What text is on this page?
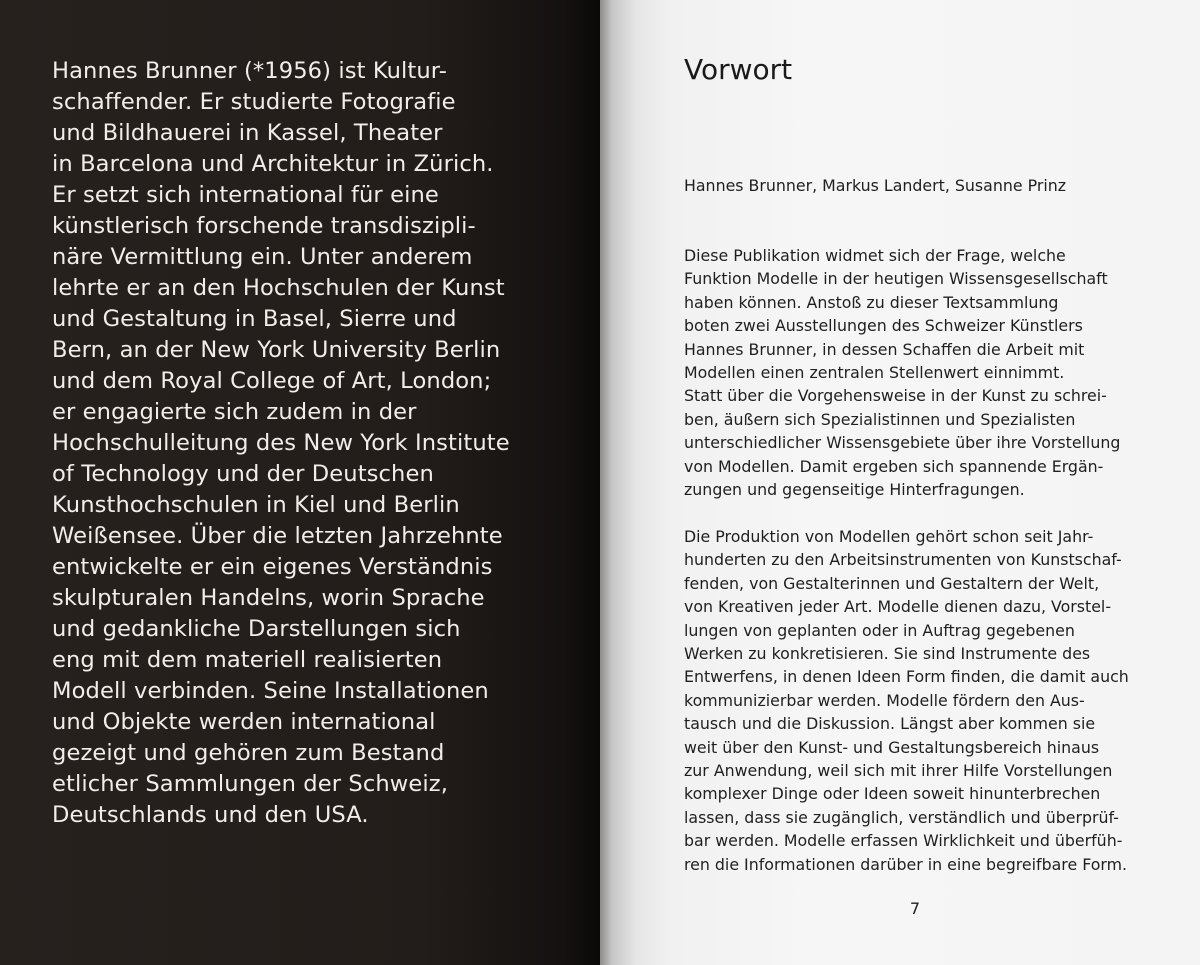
Hannes Brunner (*1956) ist Kultur-
schaffender. Er studierte Fotografie
und Bildhauerei in Kassel, Theater
in Barcelona und Architektur in Zürich.
Er setzt sich international für eine
künstlerisch forschende transdiszipli-
näre Vermittlung ein. Unter anderem
lehrte er an den Hochschulen der Kunst
und Gestaltung in Basel, Sierre und
Bern, an der New York University Berlin
und dem Royal College of Art, London;
er engagierte sich zudem in der
Hochschulleitung des New York Institute
of Technology und der Deutschen
Kunsthochschulen in Kiel und Berlin
Weißensee. Über die letzten Jahrzehnte
entwickelte er ein eigenes Verständnis
skulpturalen Handelns, worin Sprache
und gedankliche Darstellungen sich
eng mit dem materiell realisierten
Modell verbinden. Seine Installationen
und Objekte werden international
gezeigt und gehören zum Bestand
etlicher Sammlungen der Schweiz,
Deutschlands und den USA.

Vorwort

Hannes Brunner, Markus Landert, Susanne Prinz

Diese Publikation widmet sich der Frage, welche
Funktion Modelle in der heutigen Wissensgesellschaft
haben können. Anstoß zu dieser Textsammlung
boten zwei Ausstellungen des Schweizer Künstlers
Hannes Brunner, in dessen Schaffen die Arbeit mit
Modellen einen zentralen Stellenwert einnimmt.
Statt über die Vorgehensweise in der Kunst zu schrei-
ben, äußern sich Spezialistinnen und Spezialisten
unterschiedlicher Wissensgebiete über ihre Vorstellung
von Modellen. Damit ergeben sich spannende Ergän-
zungen und gegenseitige Hinterfragungen.

Die Produktion von Modellen gehört schon seit Jahr-
hunderten zu den Arbeitsinstrumenten von Kunstschaf-
fenden, von Gestalterinnen und Gestaltern der Welt,
von Kreativen jeder Art. Modelle dienen dazu, Vorstel-
lungen von geplanten oder in Auftrag gegebenen
Werken zu konkretisieren. Sie sind Instrumente des
Entwerfens, in denen Ideen Form finden, die damit auch
kommunizierbar werden. Modelle fördern den Aus-
tausch und die Diskussion. Längst aber kommen sie
weit über den Kunst- und Gestaltungsbereich hinaus
zur Anwendung, weil sich mit ihrer Hilfe Vorstellungen
komplexer Dinge oder Ideen soweit hinunterbrechen
lassen, dass sie zugänglich, verständlich und überprüf-
bar werden. Modelle erfassen Wirklichkeit und überfüh-
ren die Informationen darüber in eine begreifbare Form.

7
